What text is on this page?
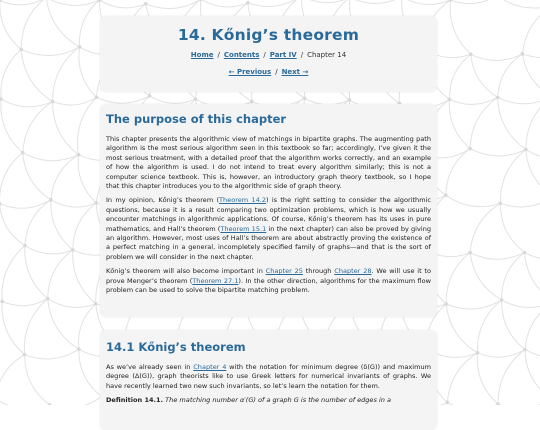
14. Kőnig’s theorem
Home / Contents / Part IV / Chapter 14
← Previous / Next →
The purpose of this chapter

This chapter presents the algorithmic view of matchings in bipartite graphs. The augmenting path algorithm is the most serious algorithm seen in this textbook so far; accordingly, I’ve given it the most serious treatment, with a detailed proof that the algorithm works correctly, and an example of how the algorithm is used. I do not intend to treat every algorithm similarly; this is not a computer science textbook. This is, however, an introductory graph theory textbook, so I hope that this chapter introduces you to the algorithmic side of graph theory.

In my opinion, Kőnig’s theorem (Theorem 14.2) is the right setting to consider the algorithmic questions, because it is a result comparing two optimization problems, which is how we usually encounter matchings in algorithmic applications. Of course, Kőnig’s theorem has its uses in pure mathematics, and Hall’s theorem (Theorem 15.1 in the next chapter) can also be proved by giving an algorithm. However, most uses of Hall’s theorem are about abstractly proving the existence of a perfect matching in a general, incompletely specified family of graphs—and that is the sort of problem we will consider in the next chapter.

Kőnig’s theorem will also become important in Chapter 25 through Chapter 28. We will use it to prove Menger’s theorem (Theorem 27.1). In the other direction, algorithms for the maximum flow problem can be used to solve the bipartite matching problem.

14.1 Kőnig’s theorem

As we’ve already seen in Chapter 4 with the notation for minimum degree (δ(G)) and maximum degree (Δ(G)), graph theorists like to use Greek letters for numerical invariants of graphs. We have recently learned two new such invariants, so let’s learn the notation for them.

Definition 14.1. The matching number α′(G) of a graph G is the number of edges in a
